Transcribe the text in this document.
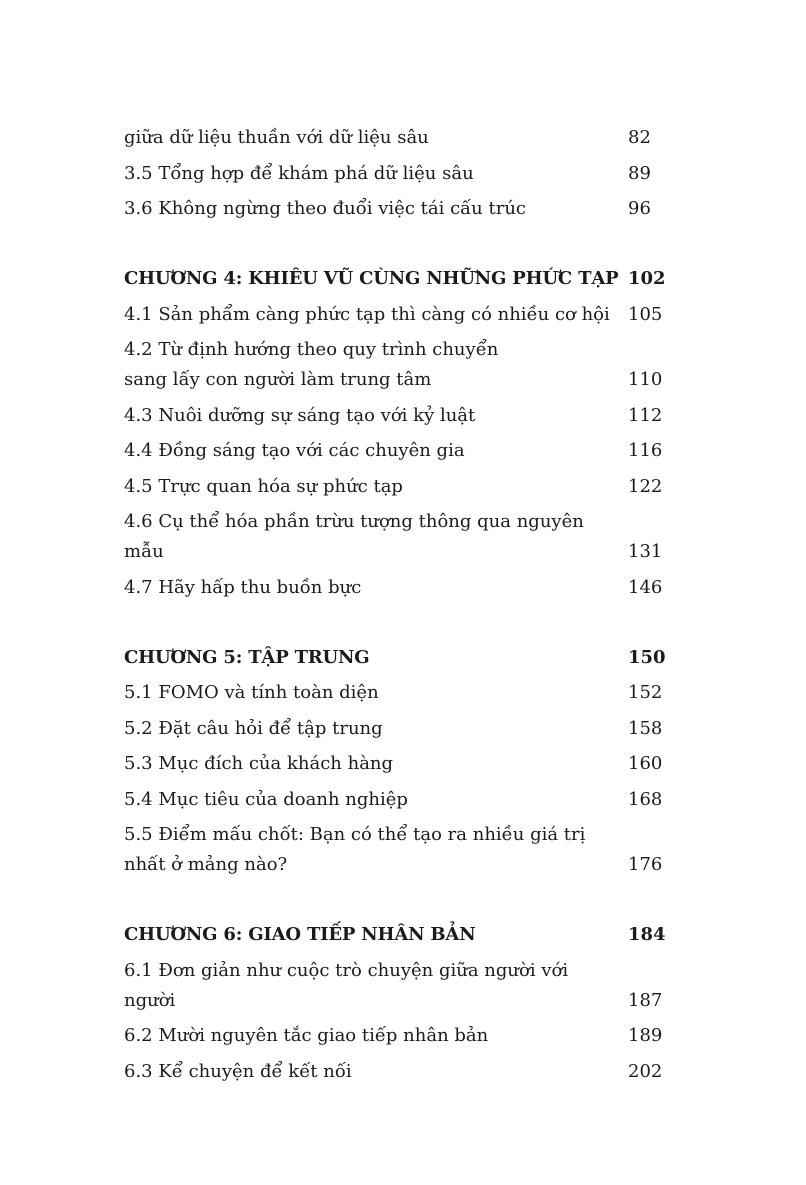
giữa dữ liệu thuần với dữ liệu sâu	82
3.5 Tổng hợp để khám phá dữ liệu sâu	89
3.6 Không ngừng theo đuổi việc tái cấu trúc	96
CHƯƠNG 4: KHIÊU VŨ CÙNG NHỮNG PHỨC TẠP 102
4.1 Sản phẩm càng phức tạp thì càng có nhiều cơ hội	105
4.2 Từ định hướng theo quy trình chuyển sang lấy con người làm trung tâm	110
4.3 Nuôi dưỡng sự sáng tạo với kỷ luật	112
4.4 Đồng sáng tạo với các chuyên gia	116
4.5 Trực quan hóa sự phức tạp	122
4.6 Cụ thể hóa phần trừu tượng thông qua nguyên mẫu	131
4.7 Hãy hấp thu buồn bực	146
CHƯƠNG 5: TẬP TRUNG	150
5.1 FOMO và tính toàn diện	152
5.2 Đặt câu hỏi để tập trung	158
5.3 Mục đích của khách hàng	160
5.4 Mục tiêu của doanh nghiệp	168
5.5 Điểm mấu chốt: Bạn có thể tạo ra nhiều giá trị nhất ở mảng nào?	176
CHƯƠNG 6: GIAO TIẾP NHÂN BẢN	184
6.1 Đơn giản như cuộc trò chuyện giữa người với người	187
6.2 Mười nguyên tắc giao tiếp nhân bản	189
6.3 Kể chuyện để kết nối	202
